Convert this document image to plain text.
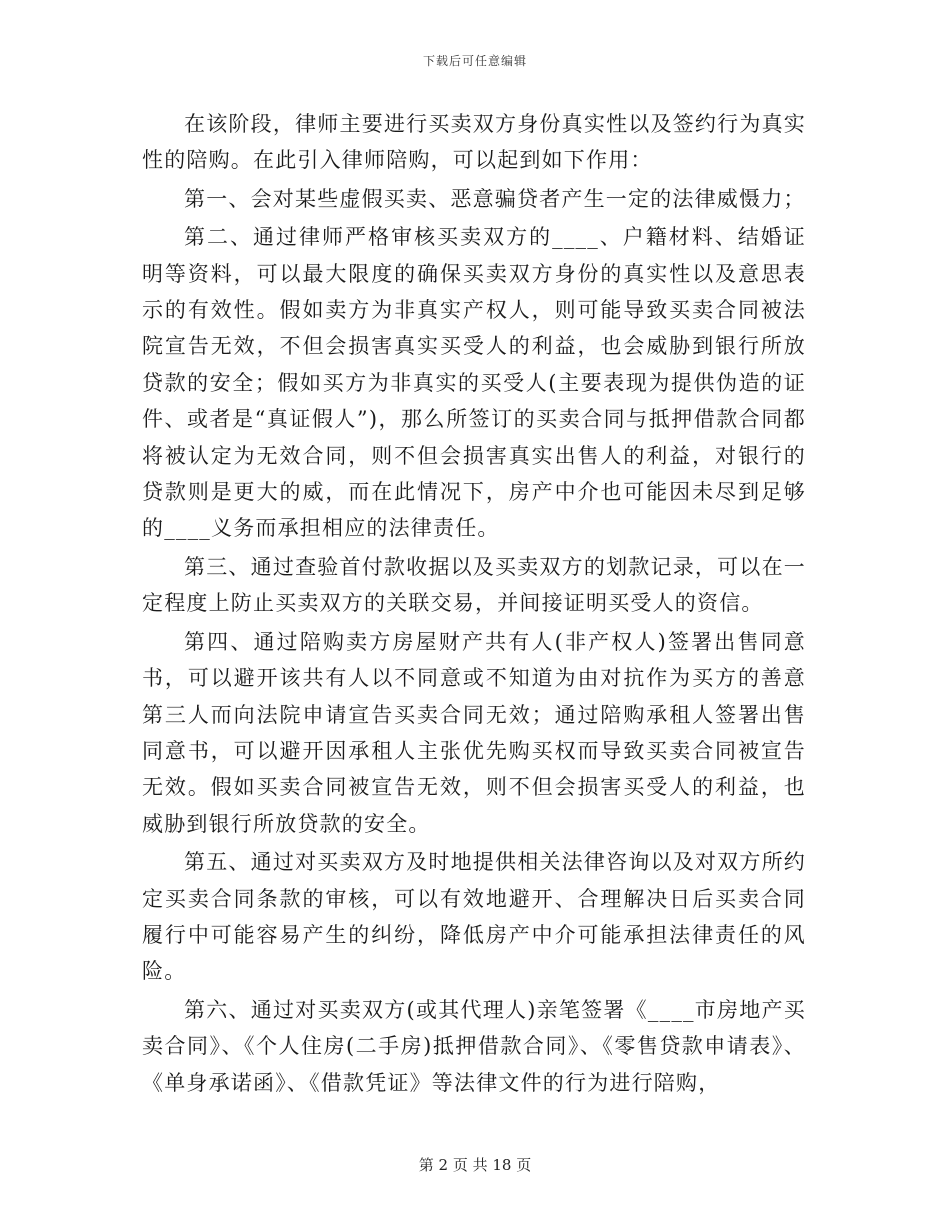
下载后可任意编辑

在该阶段，律师主要进行买卖双方身份真实性以及签约行为真实性的陪购。在此引入律师陪购，可以起到如下作用：

第一、会对某些虚假买卖、恶意骗贷者产生一定的法律威慑力；

第二、通过律师严格审核买卖双方的____、户籍材料、结婚证明等资料，可以最大限度的确保买卖双方身份的真实性以及意思表示的有效性。假如卖方为非真实产权人，则可能导致买卖合同被法院宣告无效，不但会损害真实买受人的利益，也会威胁到银行所放贷款的安全；假如买方为非真实的买受人(主要表现为提供伪造的证件、或者是“真证假人”)，那么所签订的买卖合同与抵押借款合同都将被认定为无效合同，则不但会损害真实出售人的利益，对银行的贷款则是更大的威，而在此情况下，房产中介也可能因未尽到足够的____义务而承担相应的法律责任。

第三、通过查验首付款收据以及买卖双方的划款记录，可以在一定程度上防止买卖双方的关联交易，并间接证明买受人的资信。

第四、通过陪购卖方房屋财产共有人(非产权人)签署出售同意书，可以避开该共有人以不同意或不知道为由对抗作为买方的善意第三人而向法院申请宣告买卖合同无效；通过陪购承租人签署出售同意书，可以避开因承租人主张优先购买权而导致买卖合同被宣告无效。假如买卖合同被宣告无效，则不但会损害买受人的利益，也威胁到银行所放贷款的安全。

第五、通过对买卖双方及时地提供相关法律咨询以及对双方所约定买卖合同条款的审核，可以有效地避开、合理解决日后买卖合同履行中可能容易产生的纠纷，降低房产中介可能承担法律责任的风险。

第六、通过对买卖双方(或其代理人)亲笔签署《____市房地产买卖合同》、《个人住房(二手房)抵押借款合同》、《零售贷款申请表》、《单身承诺函》、《借款凭证》等法律文件的行为进行陪购，

第 2 页 共 18 页
